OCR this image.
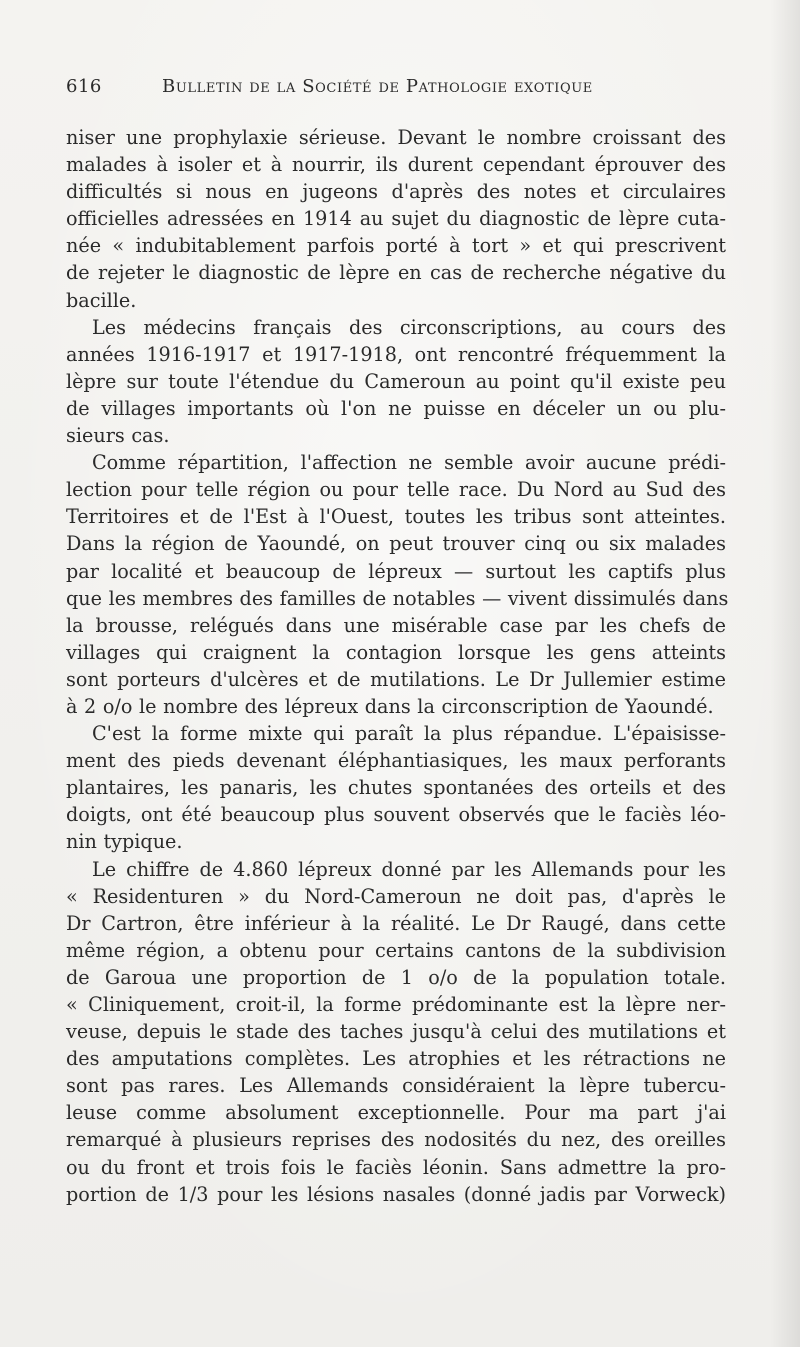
616	Bulletin de la Société de Pathologie exotique
niser une prophylaxie sérieuse. Devant le nombre croissant des
malades à isoler et à nourrir, ils durent cependant éprouver des
difficultés si nous en jugeons d'après des notes et circulaires
officielles adressées en 1914 au sujet du diagnostic de lèpre cuta-
née « indubitablement parfois porté à tort » et qui prescrivent
de rejeter le diagnostic de lèpre en cas de recherche négative du
bacille.
Les médecins français des circonscriptions, au cours des
années 1916-1917 et 1917-1918, ont rencontré fréquemment la
lèpre sur toute l'étendue du Cameroun au point qu'il existe peu
de villages importants où l'on ne puisse en déceler un ou plu-
sieurs cas.
Comme répartition, l'affection ne semble avoir aucune prédi-
lection pour telle région ou pour telle race. Du Nord au Sud des
Territoires et de l'Est à l'Ouest, toutes les tribus sont atteintes.
Dans la région de Yaoundé, on peut trouver cinq ou six malades
par localité et beaucoup de lépreux — surtout les captifs plus
que les membres des familles de notables — vivent dissimulés dans
la brousse, relégués dans une misérable case par les chefs de
villages qui craignent la contagion lorsque les gens atteints
sont porteurs d'ulcères et de mutilations. Le Dr Jullemier estime
à 2 o/o le nombre des lépreux dans la circonscription de Yaoundé.
C'est la forme mixte qui paraît la plus répandue. L'épaisisse-
ment des pieds devenant éléphantiasiques, les maux perforants
plantaires, les panaris, les chutes spontanées des orteils et des
doigts, ont été beaucoup plus souvent observés que le faciès léo-
nin typique.
Le chiffre de 4.860 lépreux donné par les Allemands pour les
« Residenturen » du Nord-Cameroun ne doit pas, d'après le
Dr Cartron, être inférieur à la réalité. Le Dr Raugé, dans cette
même région, a obtenu pour certains cantons de la subdivision
de Garoua une proportion de 1 o/o de la population totale.
« Cliniquement, croit-il, la forme prédominante est la lèpre ner-
veuse, depuis le stade des taches jusqu'à celui des mutilations et
des amputations complètes. Les atrophies et les rétractions ne
sont pas rares. Les Allemands considéraient la lèpre tubercu-
leuse comme absolument exceptionnelle. Pour ma part j'ai
remarqué à plusieurs reprises des nodosités du nez, des oreilles
ou du front et trois fois le faciès léonin. Sans admettre la pro-
portion de 1/3 pour les lésions nasales (donné jadis par Vorweck)
